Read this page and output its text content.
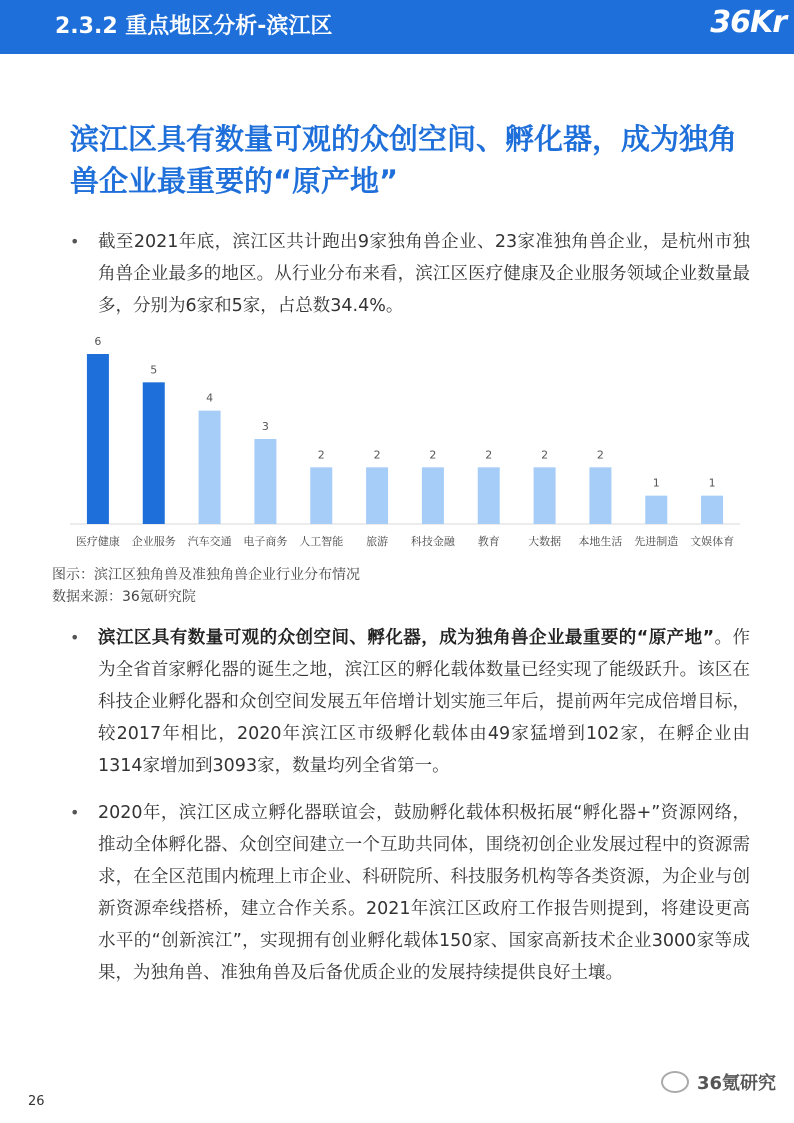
2.3.2 重点地区分析-滨江区	36Kr
滨江区具有数量可观的众创空间、孵化器，成为独角兽企业最重要的“原产地”
•	截至2021年底，滨江区共计跑出9家独角兽企业、23家准独角兽企业，是杭州市独角兽企业最多的地区。从行业分布来看，滨江区医疗健康及企业服务领域企业数量最多，分别为6家和5家，占总数34.4%。
6
医疗健康
5
企业服务
4
汽车交通
3
电子商务
2
人工智能
2
旅游
2
科技金融
2
教育
2
大数据
2
本地生活
1
先进制造
1
文娱体育
图示：滨江区独角兽及准独角兽企业行业分布情况
数据来源：36氪研究院
•	滨江区具有数量可观的众创空间、孵化器，成为独角兽企业最重要的“原产地”。作为全省首家孵化器的诞生之地，滨江区的孵化载体数量已经实现了能级跃升。该区在科技企业孵化器和众创空间发展五年倍增计划实施三年后，提前两年完成倍增目标，较2017年相比，2020年滨江区市级孵化载体由49家猛增到102家，在孵企业由1314家增加到3093家，数量均列全省第一。
•	2020年，滨江区成立孵化器联谊会，鼓励孵化载体积极拓展“孵化器+”资源网络，推动全体孵化器、众创空间建立一个互助共同体，围绕初创企业发展过程中的资源需求，在全区范围内梳理上市企业、科研院所、科技服务机构等各类资源，为企业与创新资源牵线搭桥，建立合作关系。2021年滨江区政府工作报告则提到，将建设更高水平的“创新滨江”，实现拥有创业孵化载体150家、国家高新技术企业3000家等成果，为独角兽、准独角兽及后备优质企业的发展持续提供良好土壤。
26
36氪研究
